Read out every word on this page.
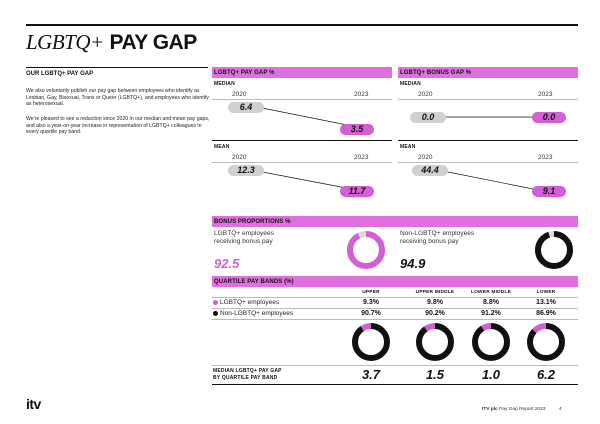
LGBTQ+ PAY GAP
OUR LGBTQ+ PAY GAP
We also voluntarily publish our pay gap between employees who identify as Lesbian, Gay, Bisexual, Trans or Queer (LGBTQ+), and employees who identify as heterosexual.
We're pleased to see a reduction since 2020 in our median and mean pay gaps, and also a year-on-year increase in representation of LGBTQ+ colleagues in every quartile pay band.
LGBTQ+ PAY GAP %
MEDIAN
2020	2023
6.4
3.5
MEAN
2020	2023
12.3
11.7
LGBTQ+ BONUS GAP %
MEDIAN
2020	2023
0.0	0.0
MEAN
2020	2023
44.4
9.1
BONUS PROPORTIONS %
LGBTQ+ employees
receiving bonus pay
92.5
Non-LGBTQ+ employees
receiving bonus pay
94.9
QUARTILE PAY BANDS (%)
UPPER	UPPER MIDDLE	LOWER MIDDLE	LOWER
LGBTQ+ employees	9.3%	9.8%	8.8%	13.1%
Non-LGBTQ+ employees	90.7%	90.2%	91.2%	86.9%
MEDIAN LGBTQ+ PAY GAP
BY QUARTILE PAY BAND	3.7	1.5	1.0	6.2
itv	ITV plc Pay Gap Report 2023	4
